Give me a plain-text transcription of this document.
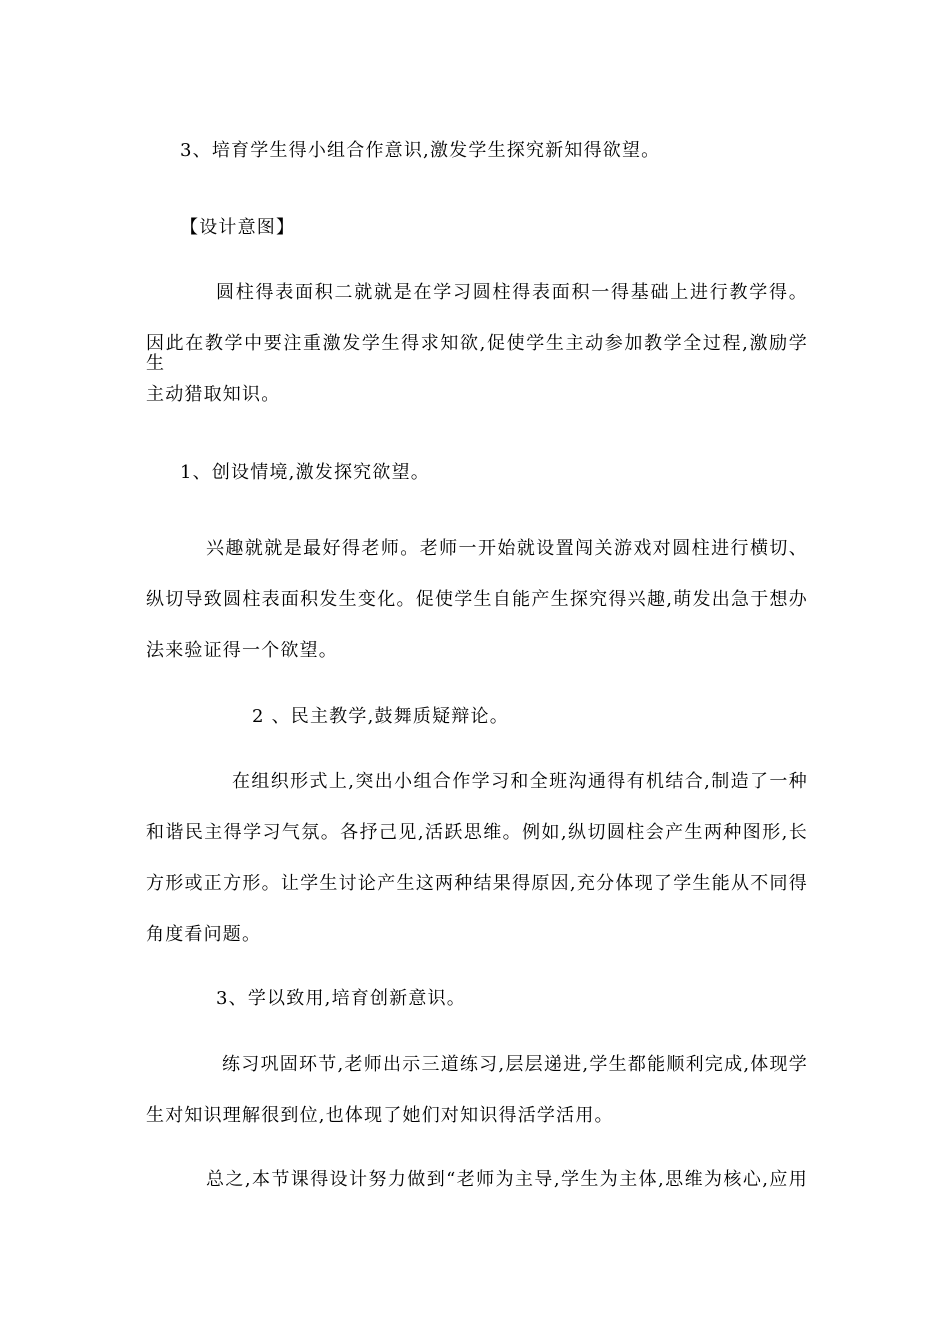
3、培育学生得小组合作意识,激发学生探究新知得欲望。
【设计意图】
圆柱得表面积二就就是在学习圆柱得表面积一得基础上进行教学得。
因此在教学中要注重激发学生得求知欲,促使学生主动参加教学全过程,激励学生
主动猎取知识。
1、创设情境,激发探究欲望。
兴趣就就是最好得老师。老师一开始就设置闯关游戏对圆柱进行横切、
纵切导致圆柱表面积发生变化。促使学生自能产生探究得兴趣,萌发出急于想办
法来验证得一个欲望。
2 、民主教学,鼓舞质疑辩论。
在组织形式上,突出小组合作学习和全班沟通得有机结合,制造了一种
和谐民主得学习气氛。各抒己见,活跃思维。例如,纵切圆柱会产生两种图形,长
方形或正方形。让学生讨论产生这两种结果得原因,充分体现了学生能从不同得
角度看问题。
3、学以致用,培育创新意识。
练习巩固环节,老师出示三道练习,层层递进,学生都能顺利完成,体现学
生对知识理解很到位,也体现了她们对知识得活学活用。
总之,本节课得设计努力做到“老师为主导,学生为主体,思维为核心,应用
